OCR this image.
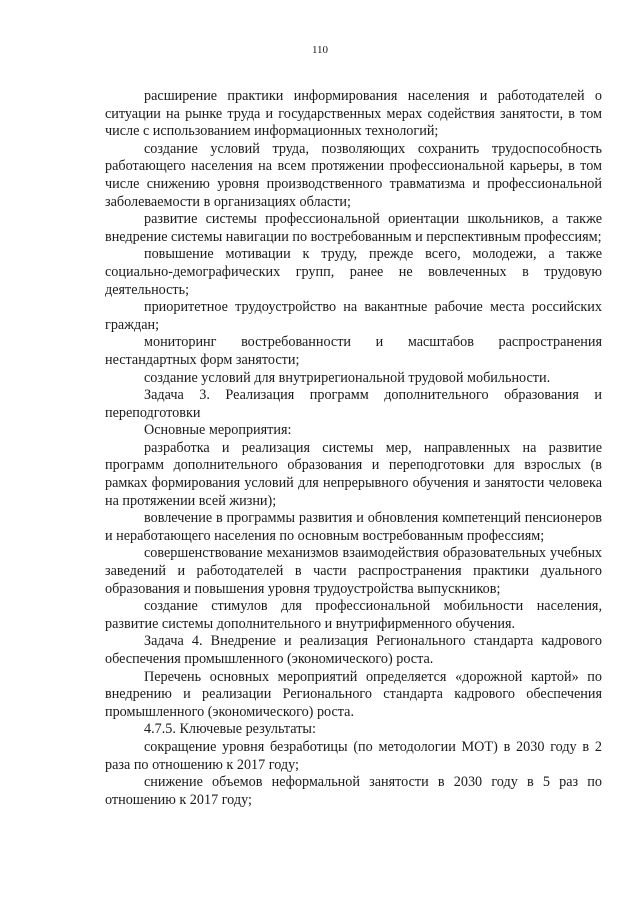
110

расширение практики информирования населения и работодателей о ситуации на рынке труда и государственных мерах содействия занятости, в том числе с использованием информационных технологий;

создание условий труда, позволяющих сохранить трудоспособность работающего населения на всем протяжении профессиональной карьеры, в том числе снижению уровня производственного травматизма и профессиональной заболеваемости в организациях области;

развитие системы профессиональной ориентации школьников, а также внедрение системы навигации по востребованным и перспективным профессиям;

повышение мотивации к труду, прежде всего, молодежи, а также социально-демографических групп, ранее не вовлеченных в трудовую деятельность;

приоритетное трудоустройство на вакантные рабочие места российских граждан;

мониторинг востребованности и масштабов распространения нестандартных форм занятости;

создание условий для внутрирегиональной трудовой мобильности.

Задача 3. Реализация программ дополнительного образования и переподготовки

Основные мероприятия:

разработка и реализация системы мер, направленных на развитие программ дополнительного образования и переподготовки для взрослых (в рамках формирования условий для непрерывного обучения и занятости человека на протяжении всей жизни);

вовлечение в программы развития и обновления компетенций пенсионеров и неработающего населения по основным востребованным профессиям;

совершенствование механизмов взаимодействия образовательных учебных заведений и работодателей в части распространения практики дуального образования и повышения уровня трудоустройства выпускников;

создание стимулов для профессиональной мобильности населения, развитие системы дополнительного и внутрифирменного обучения.

Задача 4. Внедрение и реализация Регионального стандарта кадрового обеспечения промышленного (экономического) роста.

Перечень основных мероприятий определяется «дорожной картой» по внедрению и реализации Регионального стандарта кадрового обеспечения промышленного (экономического) роста.

4.7.5. Ключевые результаты:

сокращение уровня безработицы (по методологии МОТ) в 2030 году в 2 раза по отношению к 2017 году;

снижение объемов неформальной занятости в 2030 году в 5 раз по отношению к 2017 году;
